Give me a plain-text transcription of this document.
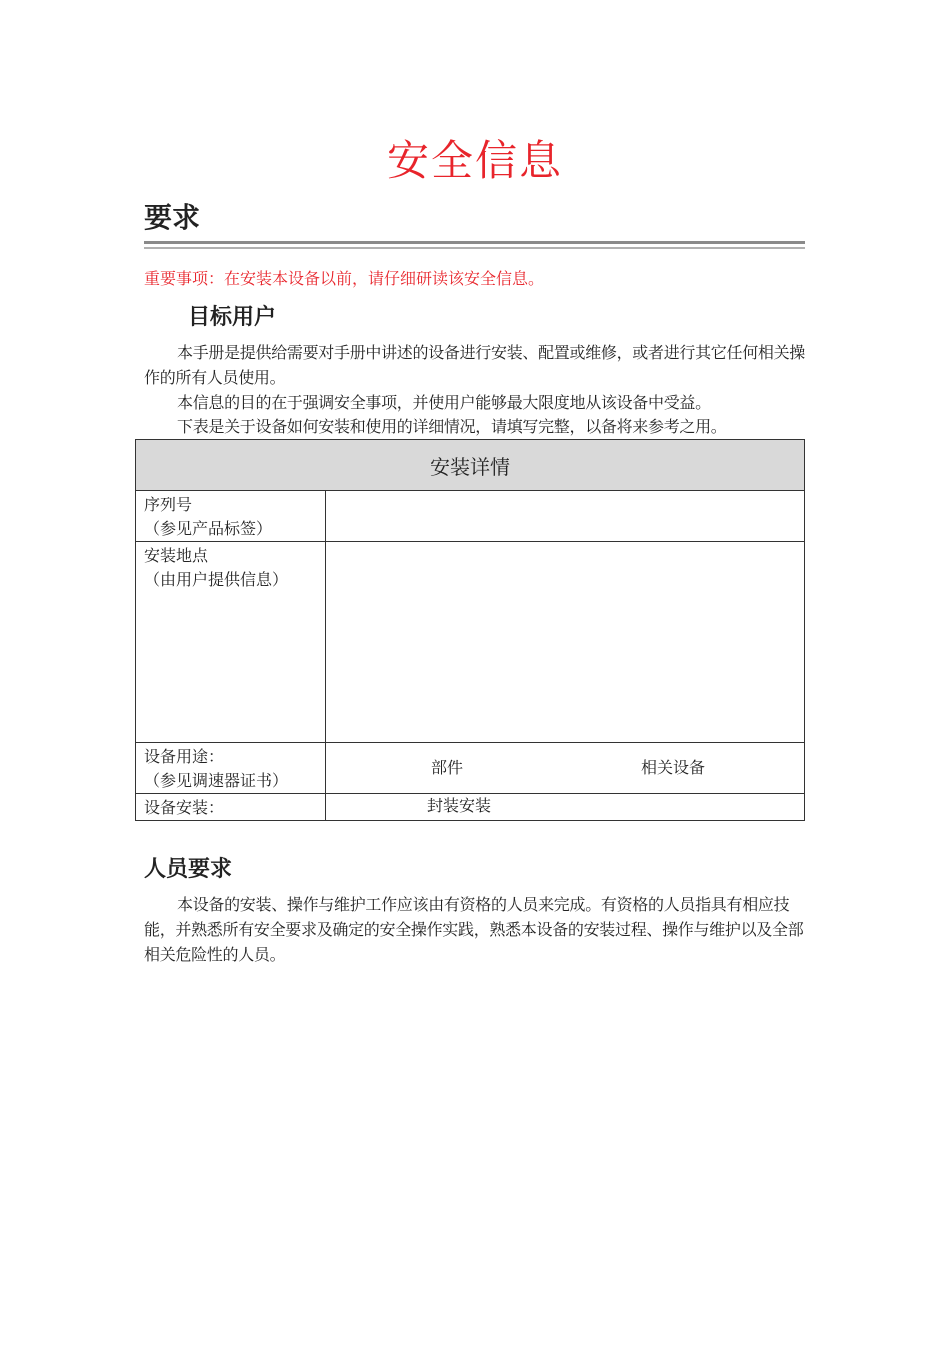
安全信息
要求

重要事项：在安装本设备以前，请仔细研读该安全信息。

目标用户

本手册是提供给需要对手册中讲述的设备进行安装、配置或维修，或者进行其它任何相关操作的所有人员使用。

本信息的目的在于强调安全事项，并使用户能够最大限度地从该设备中受益。

下表是关于设备如何安装和使用的详细情况，请填写完整，以备将来参考之用。

安装详情	

序列号
（参见产品标签）	

安装地点
（由用户提供信息）	

设备用途：
（参见调速器证书）	部件 相关设备

设备安装：	封装安装
人员要求

本设备的安装、操作与维护工作应该由有资格的人员来完成。有资格的人员指具有相应技能，并熟悉所有安全要求及确定的安全操作实践，熟悉本设备的安装过程、操作与维护以及全部相关危险性的人员。
